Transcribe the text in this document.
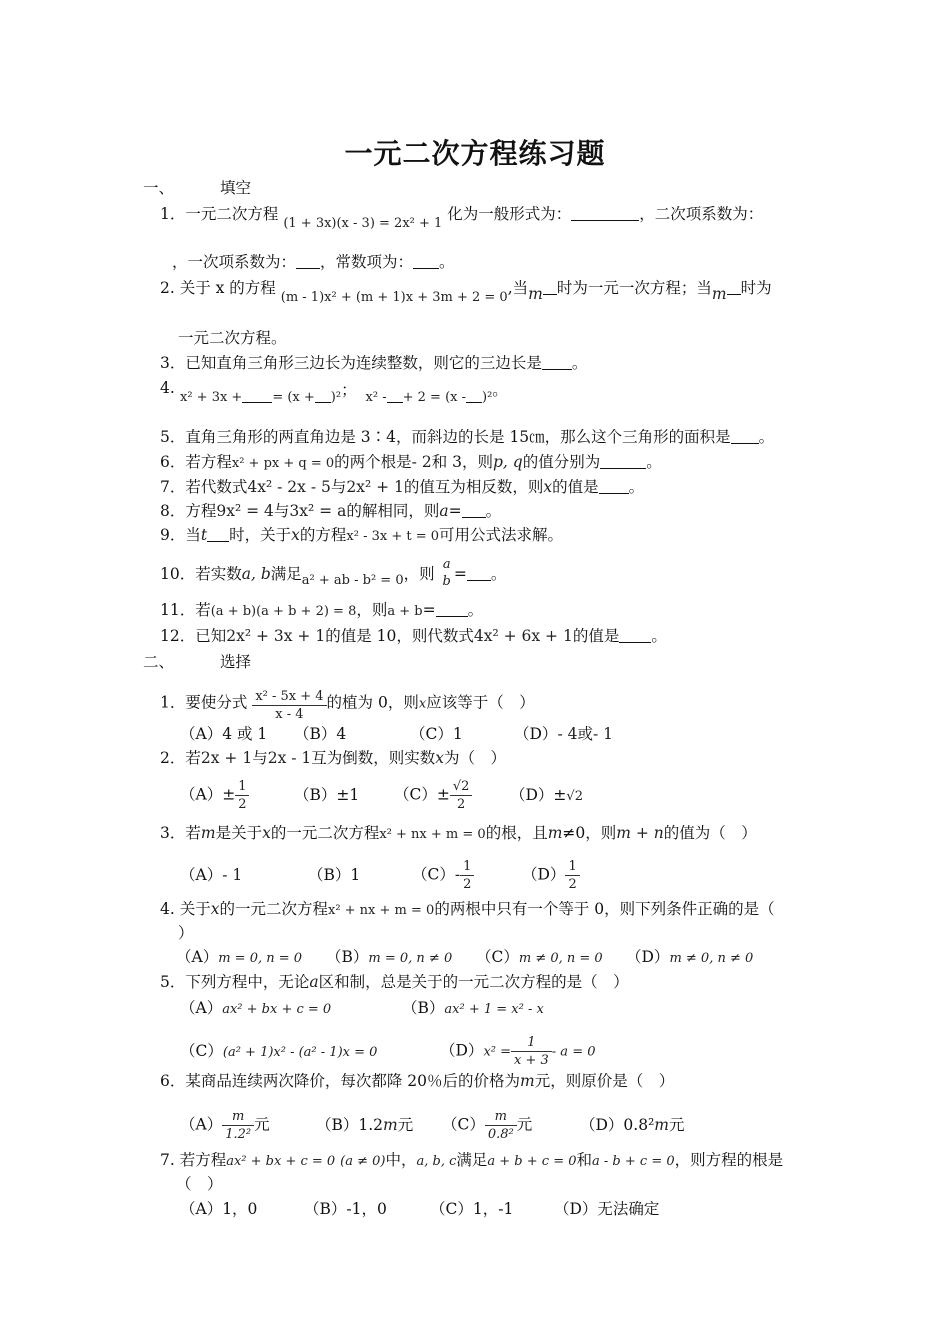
一元二次方程练习题
一、	填空
1．一元二次方程 $_{(1 + 3x)(x - 3) = 2x^2 + 1}$ 化为一般形式为：	，二次项系数为：
，一次项系数为： ，常数项为： 。
2. 关于 x 的方程 $_{(m - 1)x^2 + (m + 1)x + 3m + 2 = 0}$,当m 时为一元一次方程；当m 时为
一元二次方程。
3．已知直角三角形三边长为连续整数，则它的三边长是 。
4.
x² + 3x + = (x + )²； x² - + 2 = (x - )²。
5．直角三角形的两直角边是 3∶4，而斜边的长是 15㎝，那么这个三角形的面积是 。
6．若方程x² + px + q = 0的两个根是- 2和 3，则p, q的值分别为	。
7．若代数式4x² - 2x - 5与2x² + 1的值互为相反数，则x的值是 。
8．方程9x² = 4与3x² = a的解相同，则a= 。
9．当t 时，关于x的方程x² - 3x + t = 0可用公式法求解。
10．若实数a, b满足$_{a^2 + ab - b^2 = 0}$，则
a
b = 。
11．若(a + b)(a + b + 2) = 8，则a + b= 。
12．已知2x² + 3x + 1的值是 10，则代数式4x² + 6x + 1的值是 。
二、	选择
1．要使分式 $\frac{\text{x² - 5x + 4}}{x - 4}$ 的植为 0，则x应该等于（　）
（A）4 或 1 （B）4	（C）1	（D）- 4或- 1
2．若2x + 1与2x - 1互为倒数，则实数x为（　）
$(A)\pm \frac{1}{2}$	（B）±1 $(C)\pm \frac{√2}{2} (D)\pm√2$
3．若m是关于x的一元二次方程x² + nx + m = 0的根，且m≠0，则m + n的值为（　）
（A）- 1	（B）1	$(C)- \frac{1}{2}$	$(D) \frac{1}{2}$
4. 关于x的一元二次方程x² + nx + m = 0的两根中只有一个等于 0，则下列条件正确的是（
）
（A）m = 0, n = 0 （B）m = 0, n ≠ 0 （C）m ≠ 0, n = 0 （D）m ≠ 0, n ≠ 0
5．下列方程中，无论a区和制，总是关于的一元二次方程的是（　）
（A）ax² + bx + c = 0	（B）ax² + 1 = x² - x
（C）(a² + 1)x² - (a² - 1)x = 0	$(D)x^2 = \frac{1}{x + 3} - a = 0$
6．某商品连续两次降价，每次都降 20％后的价格为m元，则原价是（　）
$(A) \frac{m}{\text{1.2²}}$ 元	（B）1.2m元 $(C) \frac{m}{\text{0.8²}}$ 元	（D）0.8²m元
7. 若方程ax² + bx + c = 0 (a ≠ 0)中，a, b, c满足a + b + c = 0和a - b + c = 0，则方程的根是
（　）
（A）1，0	（B）-1，0	（C）1，-1	（D）无法确定
